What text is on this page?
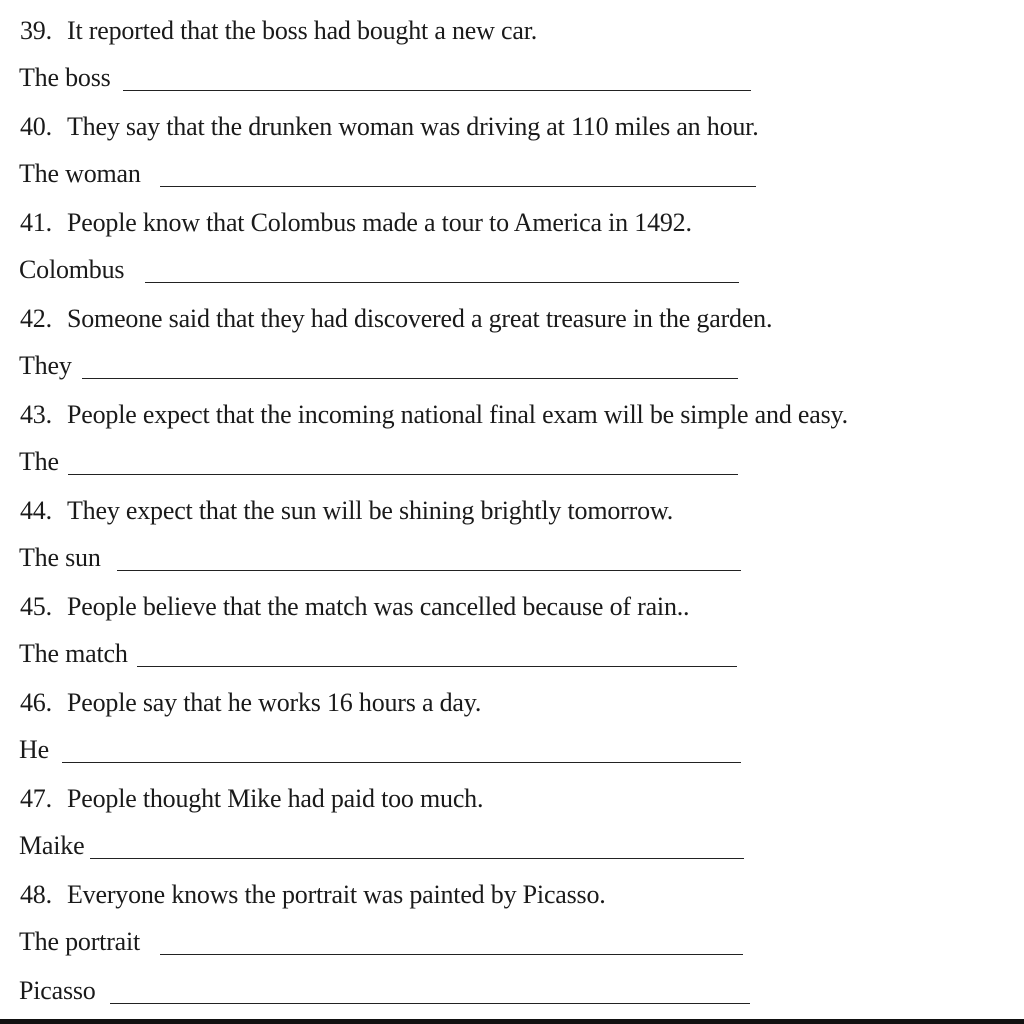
39. It reported that the boss had bought a new car.
The boss
40. They say that the drunken woman was driving at 110 miles an hour.
The woman
41. People know that Colombus made a tour to America in 1492.
Colombus
42. Someone said that they had discovered a great treasure in the garden.
They
43. People expect that the incoming national final exam will be simple and easy.
The
44. They expect that the sun will be shining brightly tomorrow.
The sun
45. People believe that the match was cancelled because of rain..
The match
46. People say that he works 16 hours a day.
He
47. People thought Mike had paid too much.
Maike
48. Everyone knows the portrait was painted by Picasso.
The portrait
Picasso
